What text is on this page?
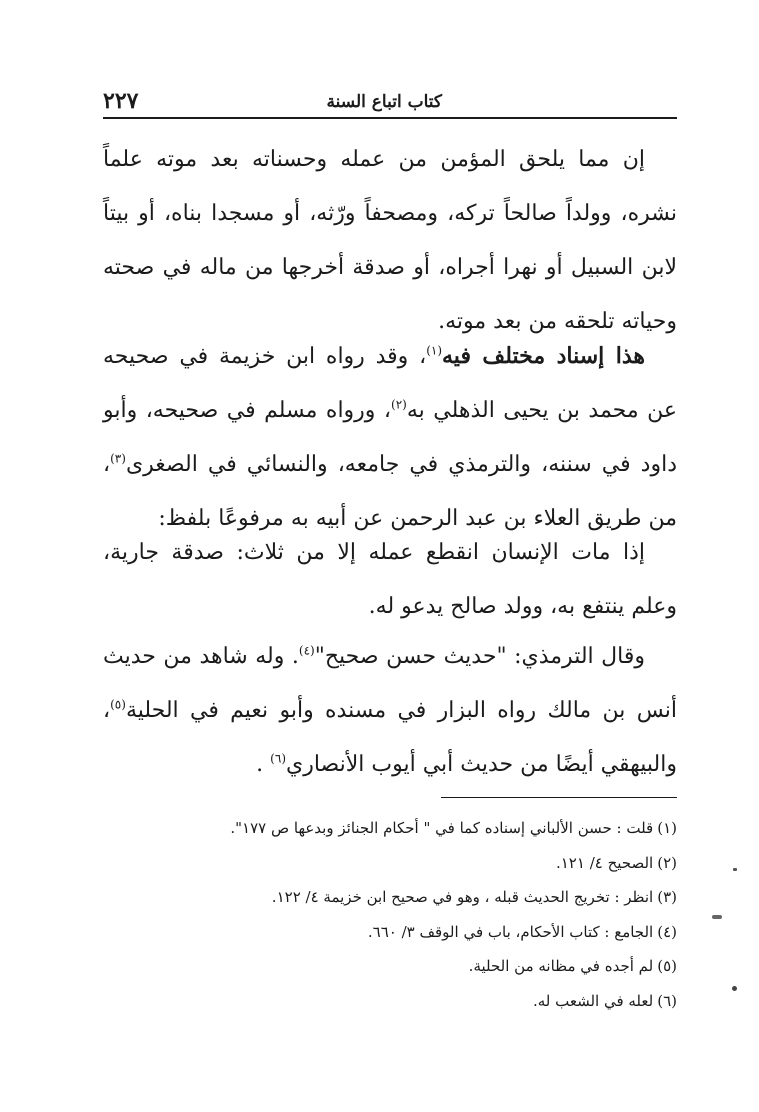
كتاب اتباع السنة
٢٢٧

إن مما يلحق المؤمن من عمله وحسناته بعد موته علماً نشره، وولداً صالحاً تركه، ومصحفاً ورّثه، أو مسجدا بناه، أو بيتاً لابن السبيل أو نهرا أجراه، أو صدقة أخرجها من ماله في صحته وحياته تلحقه من بعد موته.

هذا إسناد مختلف فيه$^{(١)}$، وقد رواه ابن خزيمة في صحيحه عن محمد بن يحيى الذهلي به$^{(٢)}$، ورواه مسلم في صحيحه، وأبو داود في سننه، والترمذي في جامعه، والنسائي في الصغرى$^{(٣)}$، من طريق العلاء بن عبد الرحمن عن أبيه به مرفوعًا بلفظ:

إذا مات الإنسان انقطع عمله إلا من ثلاث: صدقة جارية، وعلم ينتفع به، وولد صالح يدعو له.

وقال الترمذي: "حديث حسن صحيح"$^{(٤)}$. وله شاهد من حديث أنس بن مالك رواه البزار في مسنده وأبو نعيم في الحلية$^{(٥)}$، والبيهقي أيضًا من حديث أبي أيوب الأنصاري$^{(٦)}$ .

(١)قلت : حسن الألباني إسناده كما في " أحكام الجنائز وبدعها ص ١٧٧".
(٢)الصحيح ٤/ ١٢١.
(٣)انظر : تخريج الحديث قبله ، وهو في صحيح ابن خزيمة ٤/ ١٢٢.
(٤)الجامع : كتاب الأحكام، باب في الوقف ٣/ ٦٦٠.
(٥)لم أجده في مظانه من الحلية.
(٦)لعله في الشعب له.
